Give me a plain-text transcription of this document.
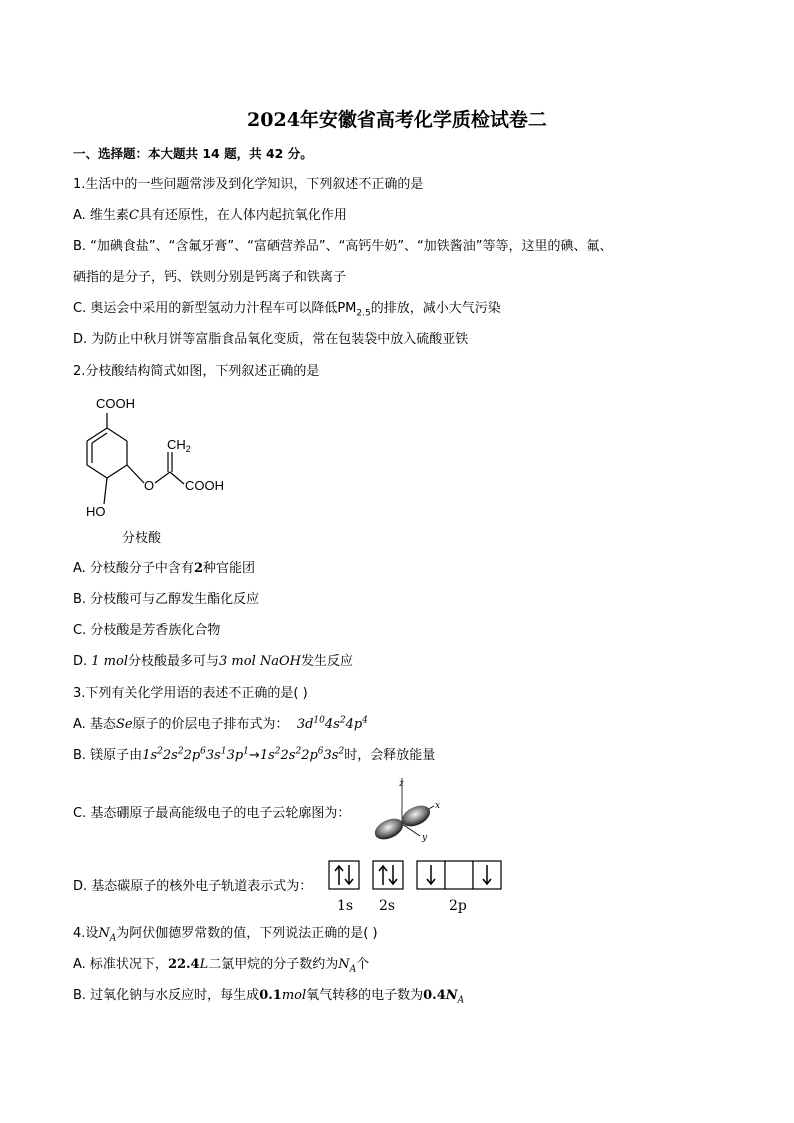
2024年安徽省高考化学质检试卷二
一、选择题：本大题共 14 题，共 42 分。
1.生活中的一些问题常涉及到化学知识，下列叙述不正确的是
A. 维生素C具有还原性，在人体内起抗氧化作用
B. “加碘食盐”、“含氟牙膏”、“富硒营养品”、“高钙牛奶”、“加铁酱油”等等，这里的碘、氟、
硒指的是分子，钙、铁则分别是钙离子和铁离子
C. 奥运会中采用的新型氢动力汁程车可以降低$PM_{2.5}$的排放，减小大气污染
D. 为防止中秋月饼等富脂食品氧化变质，常在包装袋中放入硫酸亚铁
2.分枝酸结构简式如图，下列叙述正确的是
COOH
$CH_2$
O COOH
HO
分枝酸
A. 分枝酸分子中含有2种官能团
B. 分枝酸可与乙醇发生酯化反应
C. 分枝酸是芳香族化合物
D. 1 mol分枝酸最多可与3 mol NaOH发生反应
3.下列有关化学用语的表述不正确的是( )
A. 基态Se原子的价层电子排布式为： $3d^{10}4s^24p^4$
B. 镁原子由$1s^22s^22p^63s^13p^1\to 1s^22s^22p^63s^2$时，会释放能量
C. 基态硼原子最高能级电子的电子云轮廓图为：
z
x
y
D. 基态碳原子的核外电子轨道表示式为：
1s 2s	2p
4.设$N_A$为阿伏伽德罗常数的值，下列说法正确的是( )
A. 标准状况下，22.4L二氯甲烷的分子数约为$N_A$个
B. 过氧化钠与水反应时，每生成0.1mol氧气转移的电子数为$0.4N_A$
